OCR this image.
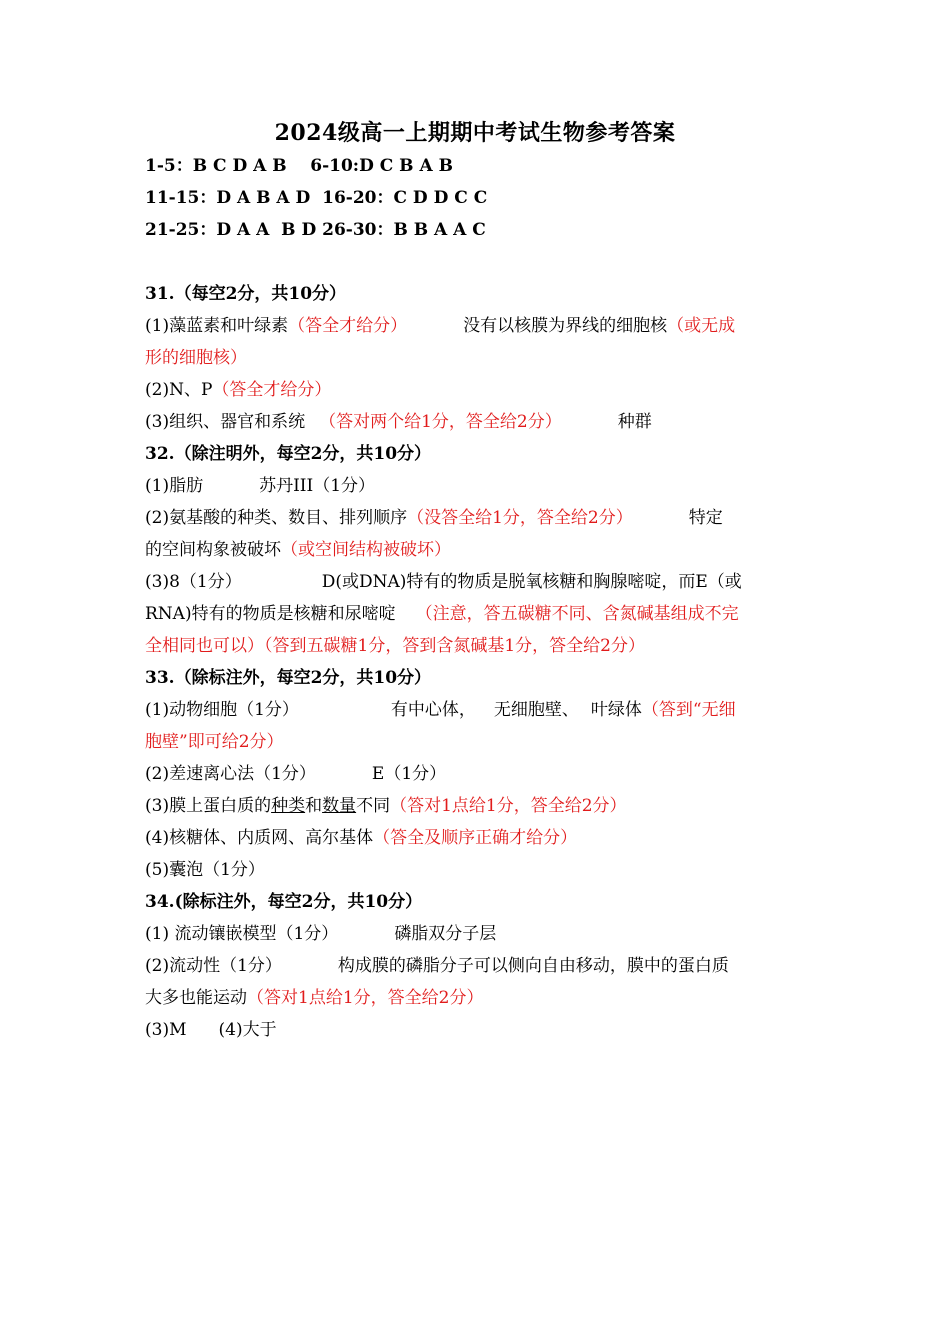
2024级高一上期期中考试生物参考答案
1-5：B C D A B    6-10:D C B A B
11-15：D A B A D  16-20：C D D C C
21-25：D A A  B D 26-30：B B A A C
31.（每空2分，共10分）
(1)藻蓝素和叶绿素（答全才给分）	没有以核膜为界线的细胞核（或无成
形的细胞核）
(2)N、P（答全才给分）
(3)组织、器官和系统 （答对两个给1分，答全给2分）	种群
32.（除注明外，每空2分，共10分）
(1)脂肪	苏丹III（1分）
(2)氨基酸的种类、数目、排列顺序（没答全给1分，答全给2分）	特定
的空间构象被破坏（或空间结构被破坏）
(3)8（1分）	D(或DNA)特有的物质是脱氧核糖和胸腺嘧啶，而E（或
RNA)特有的物质是核糖和尿嘧啶 （注意，答五碳糖不同、含氮碱基组成不完
全相同也可以）（答到五碳糖1分，答到含氮碱基1分，答全给2分）
33.（除标注外，每空2分，共10分）
(1)动物细胞（1分）	有中心体， 无细胞壁、 叶绿体（答到“无细
胞壁”即可给2分）
(2)差速离心法（1分）	E（1分）
(3)膜上蛋白质的种类和数量不同（答对1点给1分，答全给2分）
(4)核糖体、内质网、高尔基体（答全及顺序正确才给分）
(5)囊泡（1分）
34.(除标注外，每空2分，共10分）
(1) 流动镶嵌模型（1分）	磷脂双分子层
(2)流动性（1分）	构成膜的磷脂分子可以侧向自由移动，膜中的蛋白质
大多也能运动（答对1点给1分，答全给2分）
(3)M (4)大于
